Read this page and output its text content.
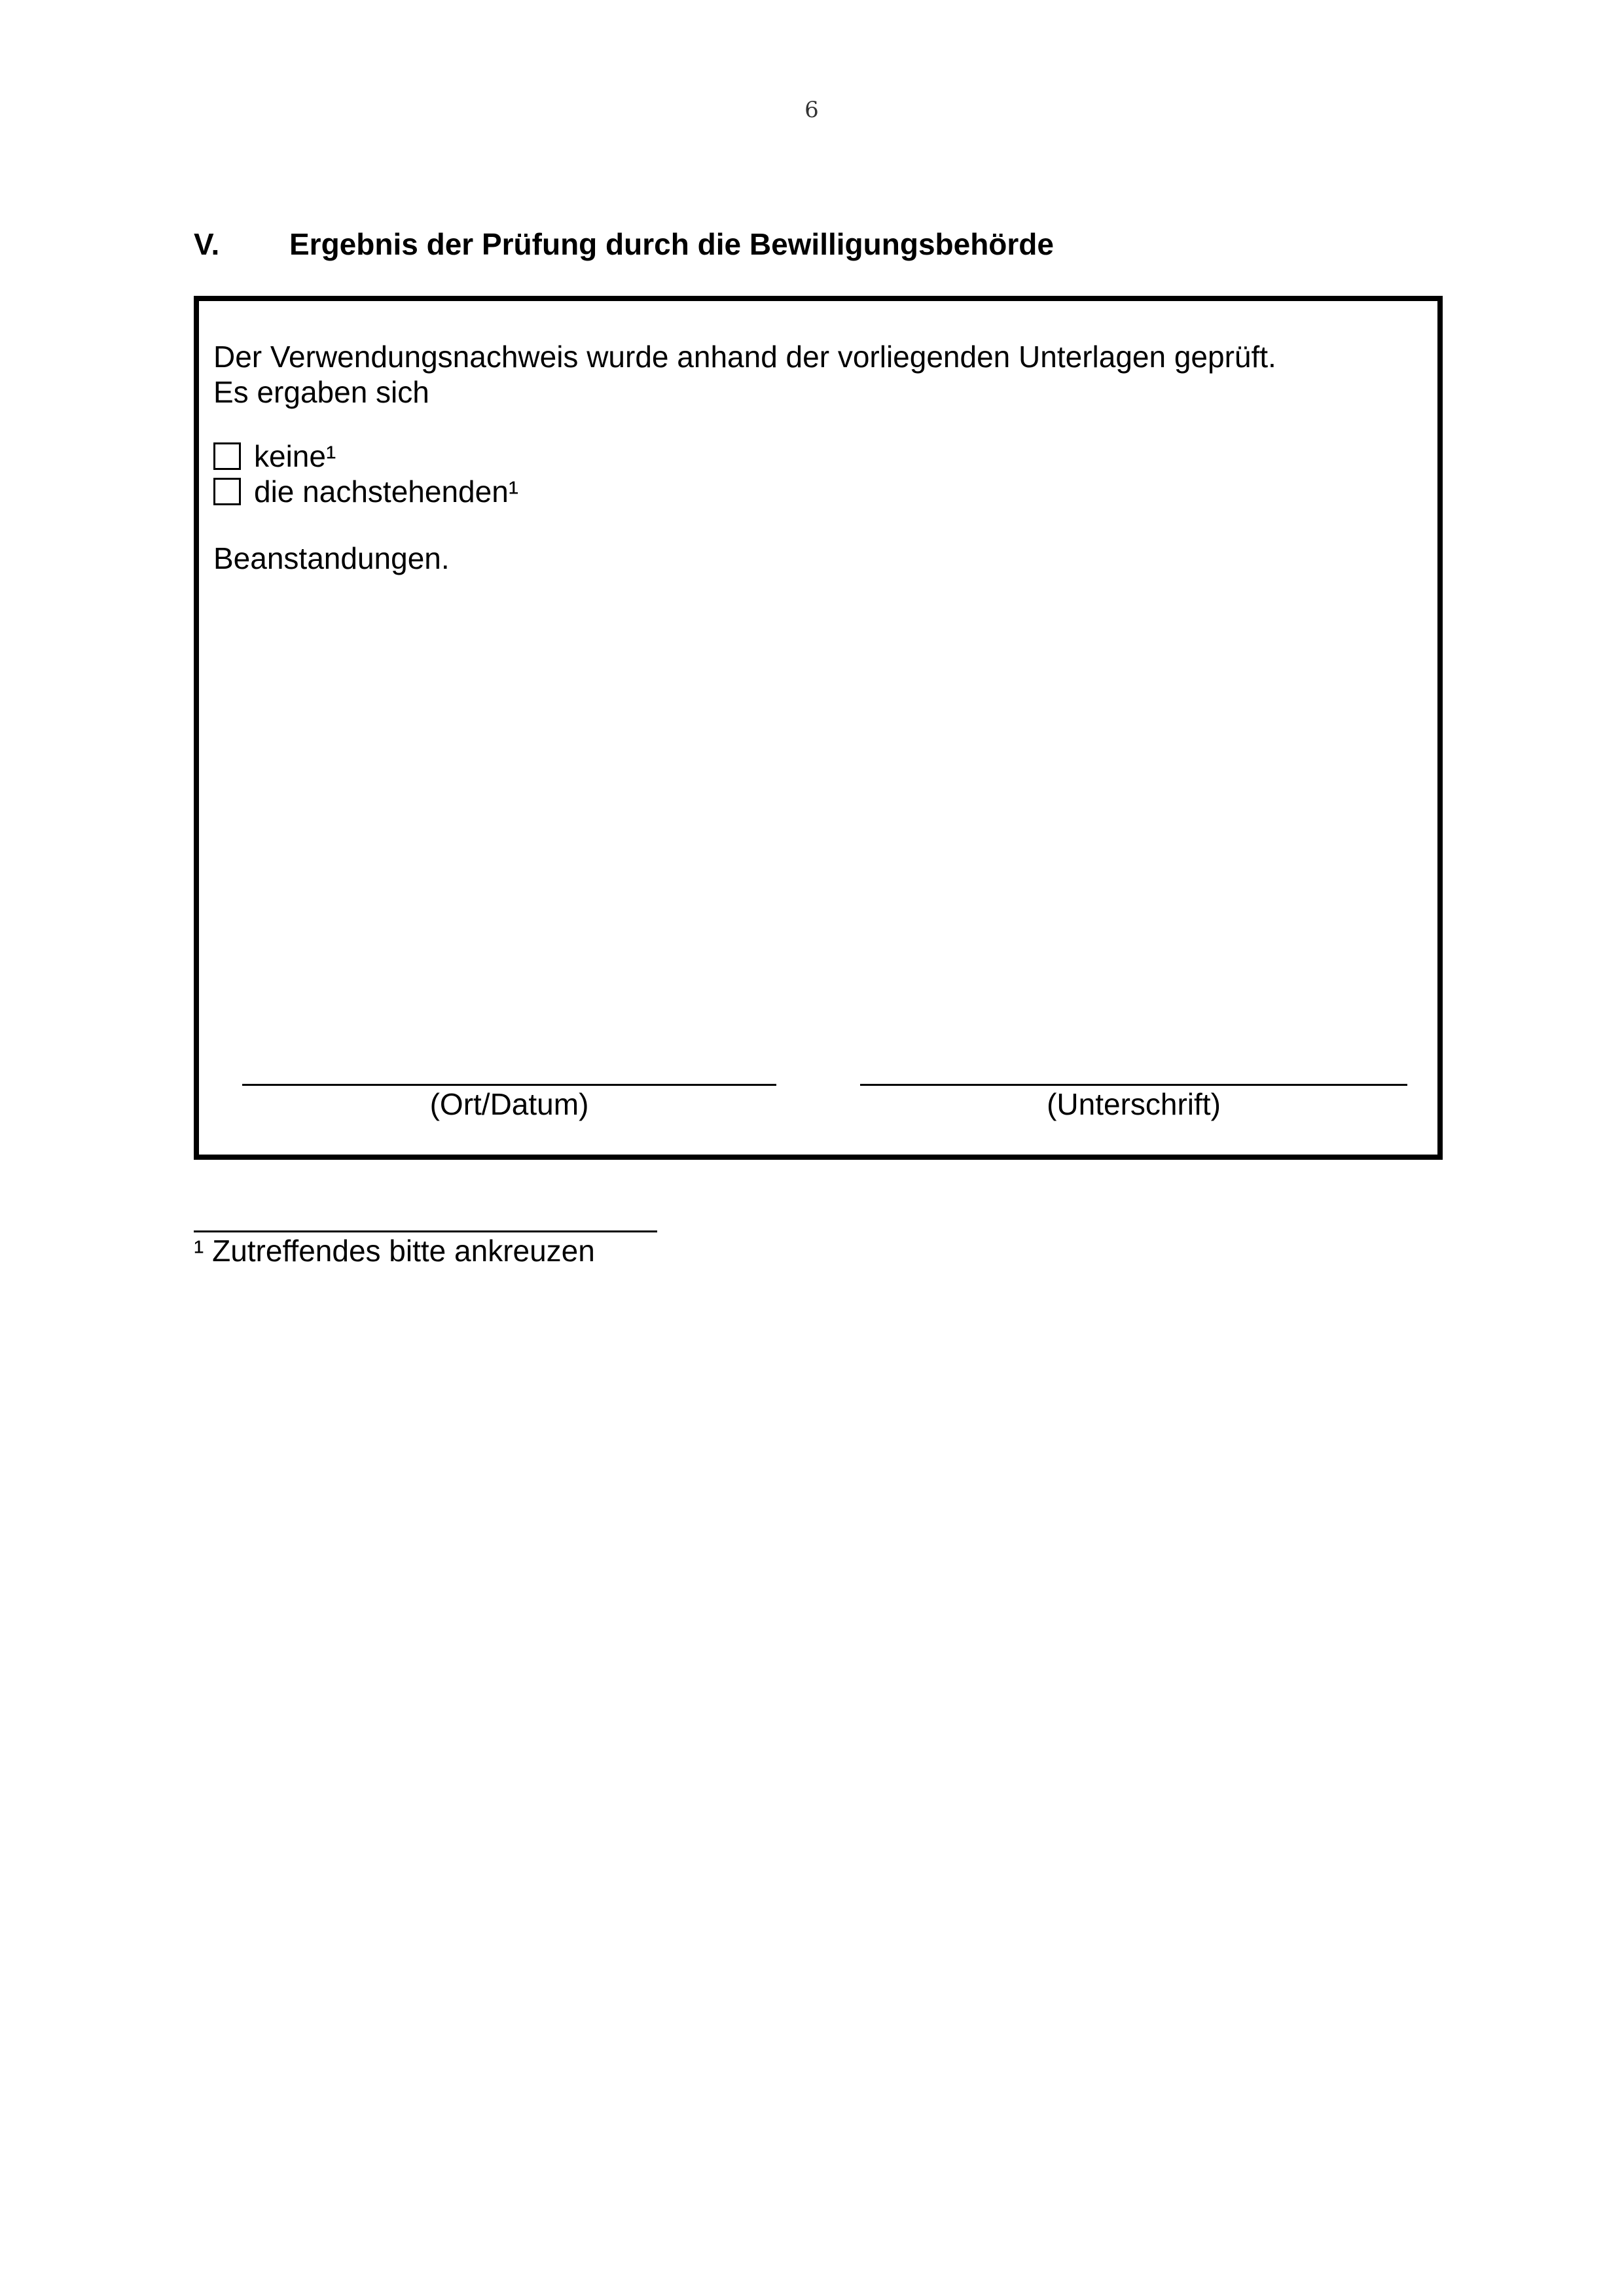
6
V. Ergebnis der Prüfung durch die Bewilligungsbehörde
Der Verwendungsnachweis wurde anhand der vorliegenden Unterlagen geprüft.
Es ergaben sich
keine¹
die nachstehenden¹
Beanstandungen.
(Ort/Datum)	(Unterschrift)
¹ Zutreffendes bitte ankreuzen
